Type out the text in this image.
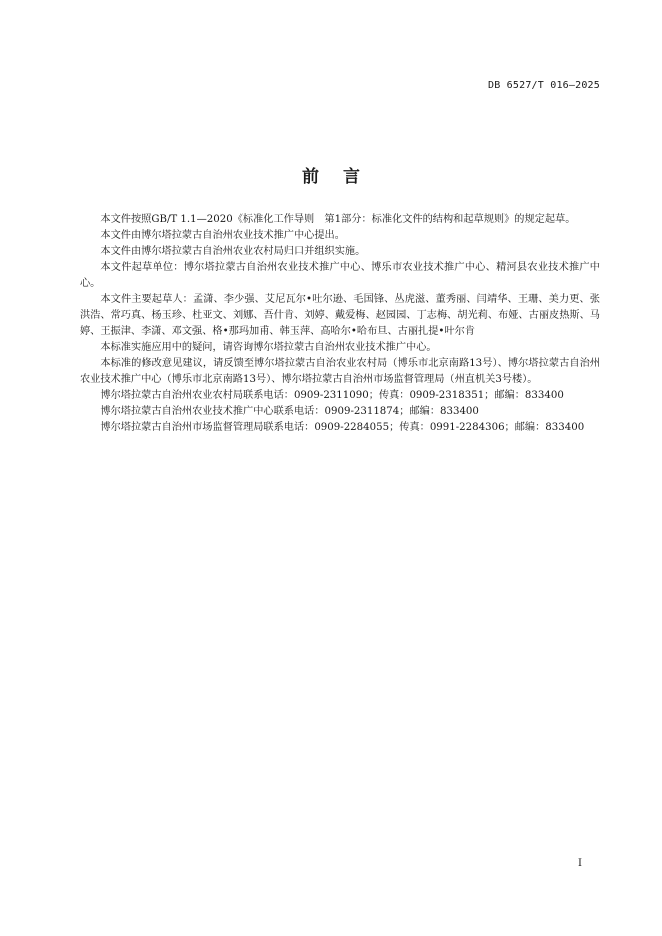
DB 6527/T 016—2025
前言

本文件按照GB/T 1.1—2020《标准化工作导则　第1部分：标准化文件的结构和起草规则》的规定起草。

本文件由博尔塔拉蒙古自治州农业技术推广中心提出。

本文件由博尔塔拉蒙古自治州农业农村局归口并组织实施。

本文件起草单位：博尔塔拉蒙古自治州农业技术推广中心、博乐市农业技术推广中心、精河县农业技术推广中心。

本文件主要起草人：孟潇、李少强、艾尼瓦尔•吐尔逊、毛国锋、丛虎滋、董秀丽、闫靖华、王珊、美力更、张洪浩、常巧真、杨玉珍、杜亚文、刘娜、吾什肯、刘婷、戴爱梅、赵园园、丁志梅、胡光莉、布娅、古丽皮热斯、马婷、王振津、李潇、邓文强、格•那玛加甫、韩玉萍、高哈尔•哈布旦、古丽扎提•叶尔肯

本标准实施应用中的疑问，请咨询博尔塔拉蒙古自治州农业技术推广中心。

本标准的修改意见建议，请反馈至博尔塔拉蒙古自治农业农村局（博乐市北京南路13号）、博尔塔拉蒙古自治州农业技术推广中心（博乐市北京南路13号）、博尔塔拉蒙古自治州市场监督管理局（州直机关3号楼）。

博尔塔拉蒙古自治州农业农村局联系电话：0909-2311090；传真：0909-2318351；邮编：833400

博尔塔拉蒙古自治州农业技术推广中心联系电话：0909-2311874；邮编：833400

博尔塔拉蒙古自治州市场监督管理局联系电话：0909-2284055；传真：0991-2284306；邮编：833400

I
